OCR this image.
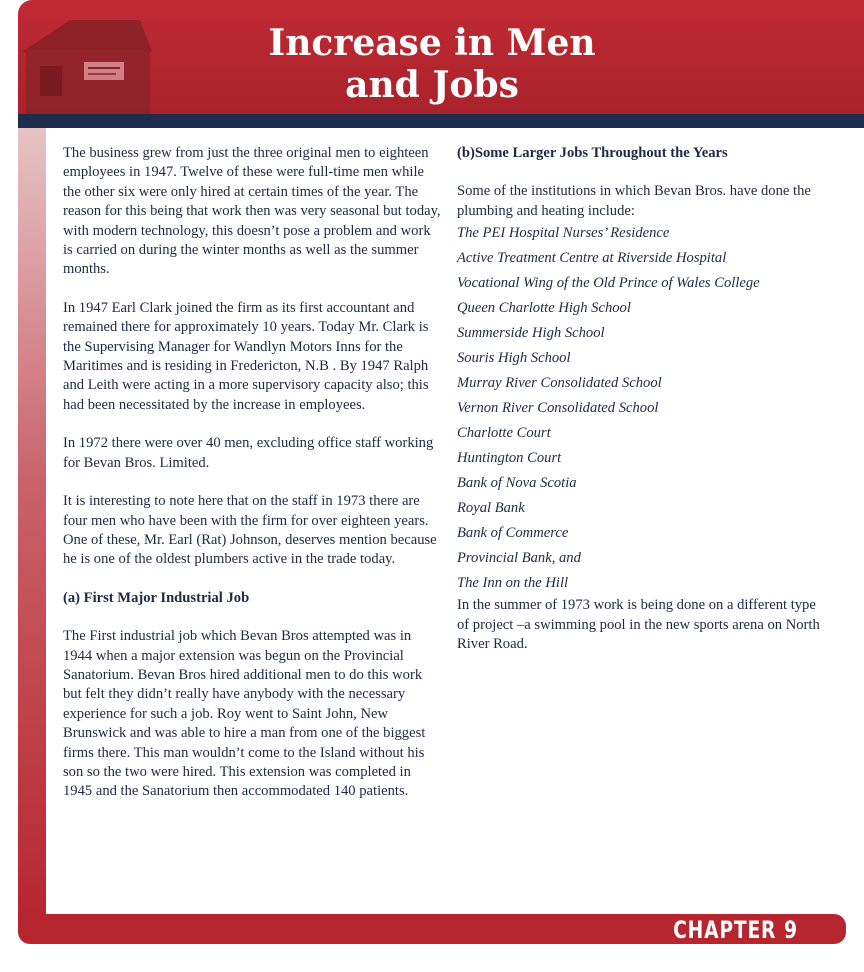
Increase in Men
and Jobs

The business grew from just the three original men to eighteen employees in 1947. Twelve of these were full-time men while the other six were only hired at certain times of the year. The reason for this being that work then was very seasonal but today, with modern technology, this doesn’t pose a problem and work is carried on during the winter months as well as the summer months.

In 1947 Earl Clark joined the firm as its first accountant and remained there for approximately 10 years. Today Mr. Clark is the Supervising Manager for Wandlyn Motors Inns for the Maritimes and is residing in Fredericton, N.B . By 1947 Ralph and Leith were acting in a more supervisory capacity also; this had been necessitated by the increase in employees.

In 1972 there were over 40 men, excluding office staff working for Bevan Bros. Limited.

It is interesting to note here that on the staff in 1973 there are four men who have been with the firm for over eighteen years. One of these, Mr. Earl (Rat) Johnson, deserves mention because he is one of the oldest plumbers active in the trade today.

(a) First Major Industrial Job

The First industrial job which Bevan Bros attempted was in 1944 when a major extension was begun on the Provincial Sanatorium. Bevan Bros hired additional men to do this work but felt they didn’t really have anybody with the necessary experience for such a job. Roy went to Saint John, New Brunswick and was able to hire a man from one of the biggest firms there. This man wouldn’t come to the Island without his son so the two were hired. This extension was completed in 1945 and the Sanatorium then accommodated 140 patients.

(b)Some Larger Jobs Throughout the Years

Some of the institutions in which Bevan Bros. have done the plumbing and heating include:

The PEI Hospital Nurses’ Residence
Active Treatment Centre at Riverside Hospital
Vocational Wing of the Old Prince of Wales College
Queen Charlotte High School
Summerside High School
Souris High School
Murray River Consolidated School
Vernon River Consolidated School
Charlotte Court
Huntington Court
Bank of Nova Scotia
Royal Bank
Bank of Commerce
Provincial Bank, and
The Inn on the Hill

In the summer of 1973 work is being done on a different type of project –a swimming pool in the new sports arena on North River Road.

CHAPTER 9
